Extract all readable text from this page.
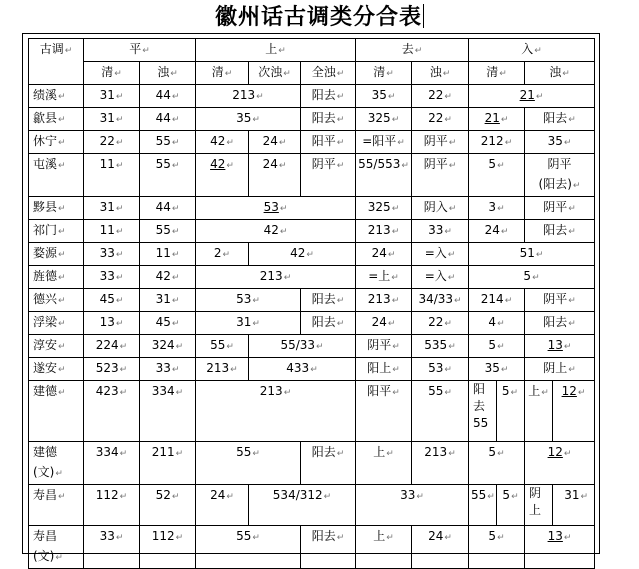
徽州话古调类分合表
古调↵	平↵		上↵			去↵		入↵			
	清↵	浊↵	清↵	次浊↵	全浊↵	清↵	浊↵	清↵		浊↵	
绩溪↵	31↵	44↵	213↵		阳去↵	35↵	22↵	21↵			
歙县↵	31↵	44↵	35↵		阳去↵	325↵	22↵	21↵		阳去↵	
休宁↵	22↵	55↵	42↵	24↵	阳平↵	=阳平↵	阴平↵	212↵		35↵	
屯溪↵	11↵	55↵	42↵	24↵	阴平↵	55/553↵	阴平↵	5↵		阴平
(阳去)↵	

黟县↵	31↵	44↵	53↵			325↵	阴入↵	3↵		阴平↵	
祁门↵	11↵	55↵	42↵			213↵	33↵	24↵		阳去↵	
婺源↵	33↵	11↵	2↵	42↵		24↵	=入↵	51↵			
旌德↵	33↵	42↵	213↵			=上↵	=入↵	5↵			
德兴↵	45↵	31↵	53↵		阳去↵	213↵	34/33↵	214↵		阴平↵	
浮梁↵	13↵	45↵	31↵		阳去↵	24↵	22↵	4↵		阳去↵	
淳安↵	224↵	324↵	55↵	55/33↵		阴平↵	535↵	5↵		13↵	
遂安↵	523↵	33↵	213↵	433↵		阳上↵	53↵	35↵		阴上↵	
建德↵	423↵	334↵	213↵			阳平↵	55↵	阳去55	5↵	上↵	12↵

建德
(文)↵	334↵	211↵	55↵		阳去↵	上↵	213↵	5↵		12↵	
寿昌↵	112↵	52↵	24↵	534/312↵		33↵		55↵	5↵	阴上	31↵

寿昌
(文)↵	33↵	112↵	55↵		阳去↵	上↵	24↵	5↵		13↵	
